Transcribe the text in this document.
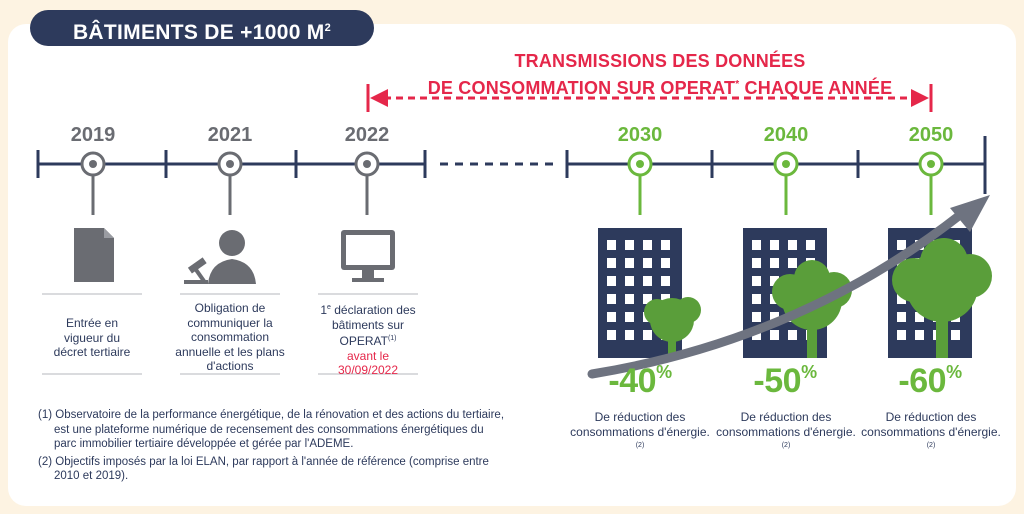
BÂTIMENTS DE +1000 $M^2$
TRANSMISSIONS DES DONNÉES
DE CONSOMMATION SUR OPERAT* CHAQUE ANNÉE
2019	2021	2022	2030	2040	2050
Entrée en vigueur du décret tertiaire
Obligation de communiquer la consommation annuelle et les plans d'actions
1e déclaration des bâtiments sur OPERAT$^{(1)}$
avant le 30/09/2022	-40%	-50%	-60%
De réduction des consommations d'énergie.$^{(2)}$
De réduction des consommations d'énergie.$^{(2)}$
De réduction des consommations d'énergie.$^{(2)}$

(1) Observatoire de la performance énergétique, de la rénovation et des actions du tertiaire, est une plateforme numérique de recensement des consommations énergétiques du parc immobilier tertiaire développée et gérée par l'ADEME.

(2) Objectifs imposés par la loi ELAN, par rapport à l'année de référence (comprise entre 2010 et 2019).
